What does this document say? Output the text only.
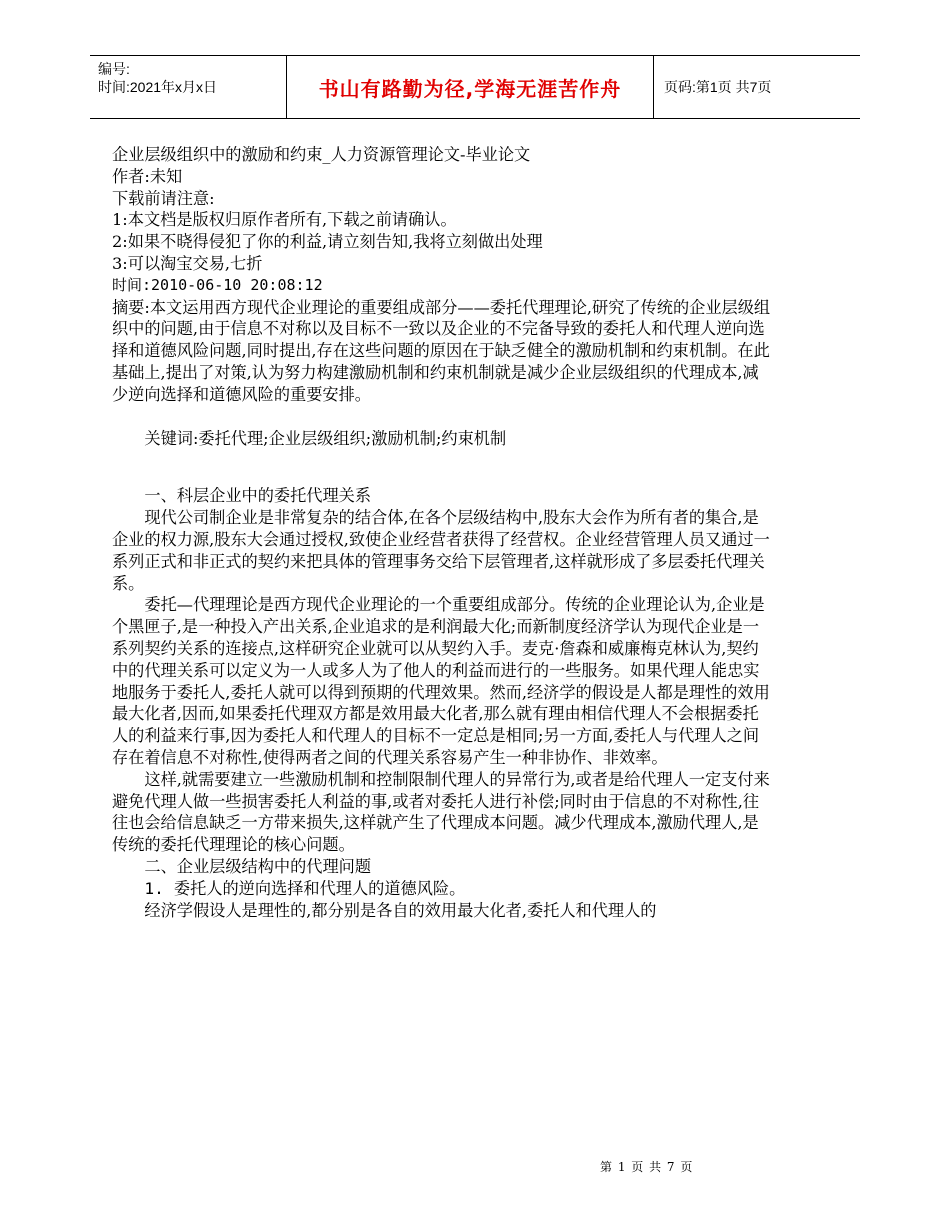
编号:
时间:2021年x月x日	书山有路勤为径,学海无涯苦作舟	页码:第1页 共7页

企业层级组织中的激励和约束_人力资源管理论文-毕业论文

作者:未知

下载前请注意:

1:本文档是版权归原作者所有,下载之前请确认。

2:如果不晓得侵犯了你的利益,请立刻告知,我将立刻做出处理

3:可以淘宝交易,七折

时间:2010-06-10 20:08:12

摘要:本文运用西方现代企业理论的重要组成部分——委托代理理论,研究了传统的企业层级组织中的问题,由于信息不对称以及目标不一致以及企业的不完备导致的委托人和代理人逆向选择和道德风险问题,同时提出,存在这些问题的原因在于缺乏健全的激励机制和约束机制。在此基础上,提出了对策,认为努力构建激励机制和约束机制就是减少企业层级组织的代理成本,减少逆向选择和道德风险的重要安排。

关键词:委托代理;企业层级组织;激励机制;约束机制

一、科层企业中的委托代理关系

现代公司制企业是非常复杂的结合体,在各个层级结构中,股东大会作为所有者的集合,是企业的权力源,股东大会通过授权,致使企业经营者获得了经营权。企业经营管理人员又通过一系列正式和非正式的契约来把具体的管理事务交给下层管理者,这样就形成了多层委托代理关系。

委托—代理理论是西方现代企业理论的一个重要组成部分。传统的企业理论认为,企业是个黑匣子,是一种投入产出关系,企业追求的是利润最大化;而新制度经济学认为现代企业是一系列契约关系的连接点,这样研究企业就可以从契约入手。麦克·詹森和威廉梅克林认为,契约中的代理关系可以定义为一人或多人为了他人的利益而进行的一些服务。如果代理人能忠实地服务于委托人,委托人就可以得到预期的代理效果。然而,经济学的假设是人都是理性的效用最大化者,因而,如果委托代理双方都是效用最大化者,那么就有理由相信代理人不会根据委托人的利益来行事,因为委托人和代理人的目标不一定总是相同;另一方面,委托人与代理人之间存在着信息不对称性,使得两者之间的代理关系容易产生一种非协作、非效率。

这样,就需要建立一些激励机制和控制限制代理人的异常行为,或者是给代理人一定支付来避免代理人做一些损害委托人利益的事,或者对委托人进行补偿;同时由于信息的不对称性,往往也会给信息缺乏一方带来损失,这样就产生了代理成本问题。减少代理成本,激励代理人,是传统的委托代理理论的核心问题。

二、企业层级结构中的代理问题

1. 委托人的逆向选择和代理人的道德风险。

经济学假设人是理性的,都分别是各自的效用最大化者,委托人和代理人的

第 1 页 共 7 页
